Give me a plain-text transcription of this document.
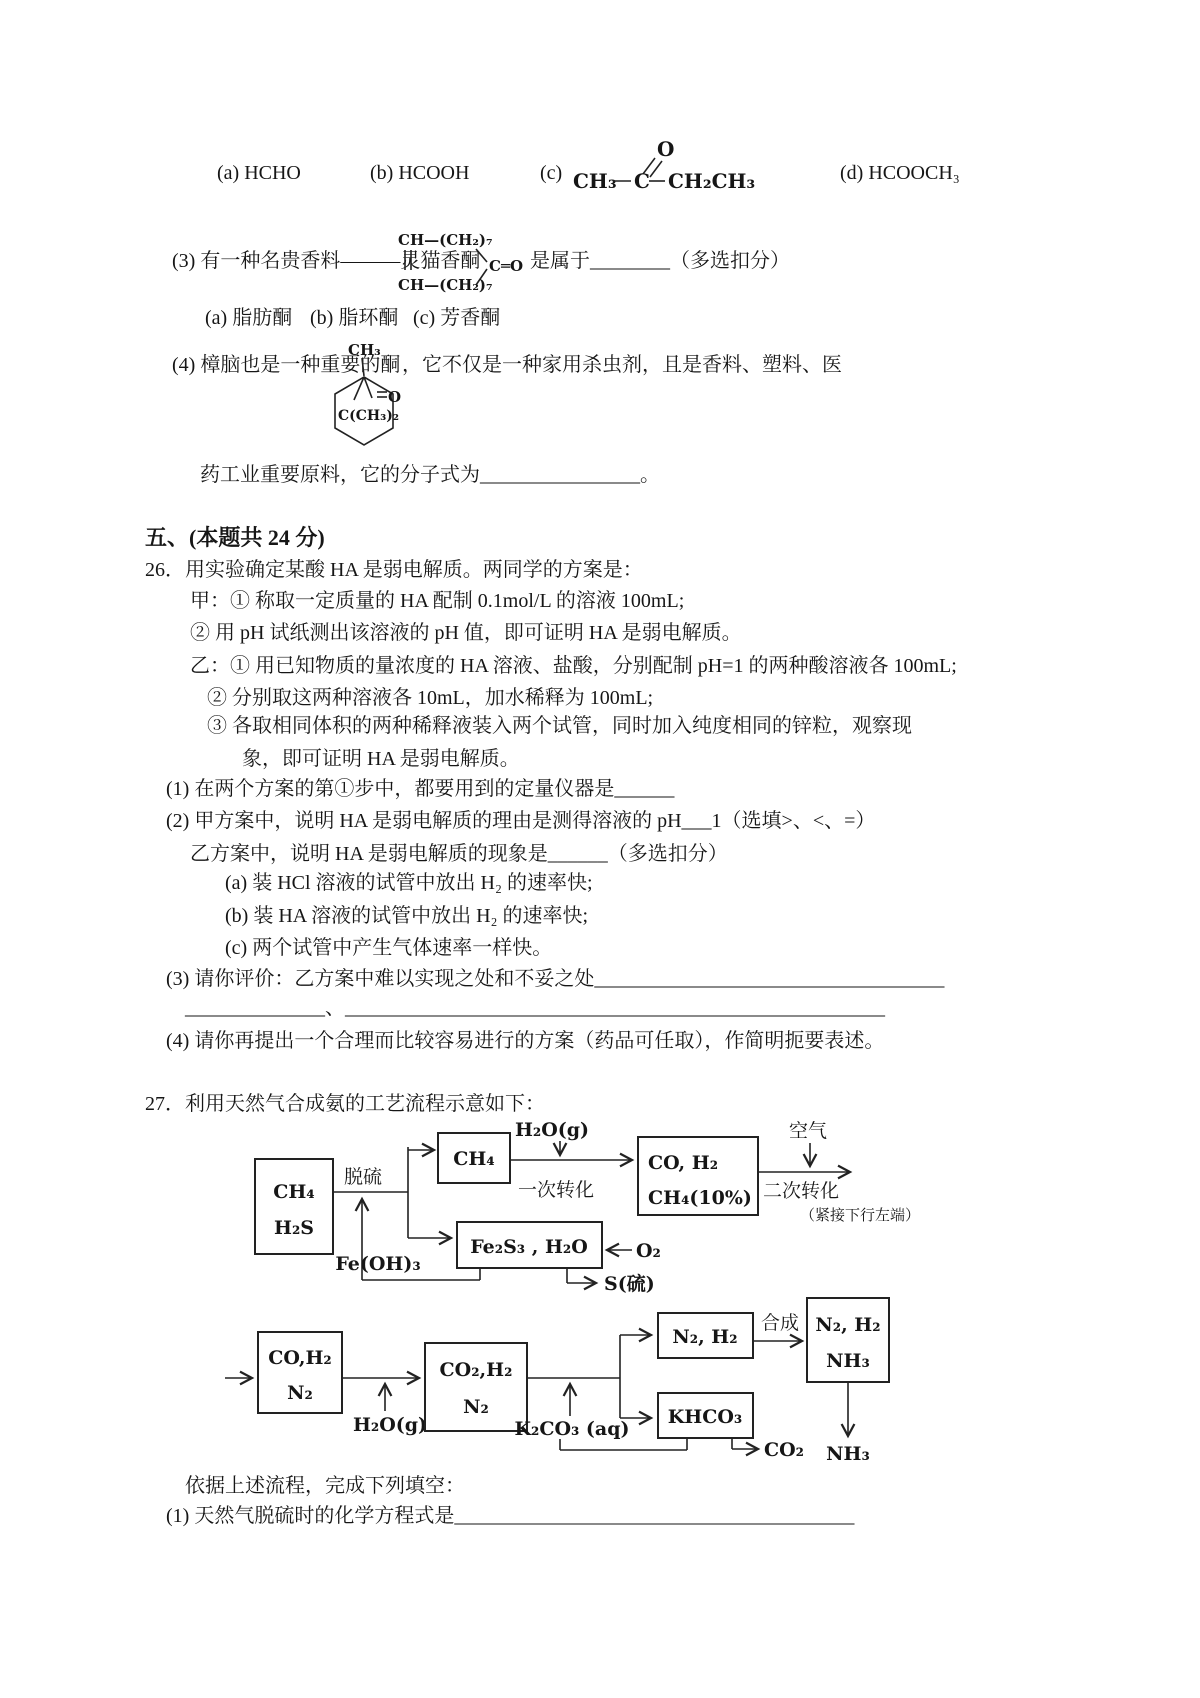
(a) HCHO	(b) HCOOH	(c) CH₃ C
O
CH₂CH₃	(d) HCOOCH₃
(3) 有一种名贵香料———灵猫香酮
CH—(CH₂)₇
CH—(CH₂)₇
C═O 是属于________（多选扣分）
(a) 脂肪酮 (b) 脂环酮 (c) 芳香酮
(4) 樟脑也是一种重要的酮
CH₃
C(CH₃)₂
O
，它不仅是一种家用杀虫剂，且是香料、塑料、医
药工业重要原料，它的分子式为________________。
五、(本题共 24 分)
26．用实验确定某酸 HA 是弱电解质。两同学的方案是：
甲：① 称取一定质量的 HA 配制 0.1mol/L 的溶液 100mL;
② 用 pH 试纸测出该溶液的 pH 值，即可证明 HA 是弱电解质。
乙：① 用已知物质的量浓度的 HA 溶液、盐酸，分别配制 pH=1 的两种酸溶液各 100mL;
② 分别取这两种溶液各 10mL，加水稀释为 100mL;
③ 各取相同体积的两种稀释液装入两个试管，同时加入纯度相同的锌粒，观察现
象，即可证明 HA 是弱电解质。
(1) 在两个方案的第①步中，都要用到的定量仪器是______
(2) 甲方案中，说明 HA 是弱电解质的理由是测得溶液的 pH___1（选填>、<、=）
乙方案中，说明 HA 是弱电解质的现象是______（多选扣分）
(a) 装 HCl 溶液的试管中放出 H₂ 的速率快;
(b) 装 HA 溶液的试管中放出 H₂ 的速率快;
(c) 两个试管中产生气体速率一样快。
(3) 请你评价：乙方案中难以实现之处和不妥之处___________________________________
______________、______________________________________________________
(4) 请你再提出一个合理而比较容易进行的方案（药品可任取），作简明扼要表述。
27．利用天然气合成氨的工艺流程示意如下：
CH₄
H₂S
脱硫
CH₄
H₂O(g)
一次转化
CO, H₂
CH₄(10%)
空气
二次转化
（紧接下行左端）
Fe(OH)₃
Fe₂S₃ , H₂O	O₂
S(硫)
CO,H₂
N₂
H₂O(g)
CO₂,H₂
N₂
K₂CO₃ (aq)
N₂, H₂
合成 N₂, H₂
NH₃
KHCO₃
NH₃
CO₂
依据上述流程，完成下列填空：
(1) 天然气脱硫时的化学方程式是________________________________________
